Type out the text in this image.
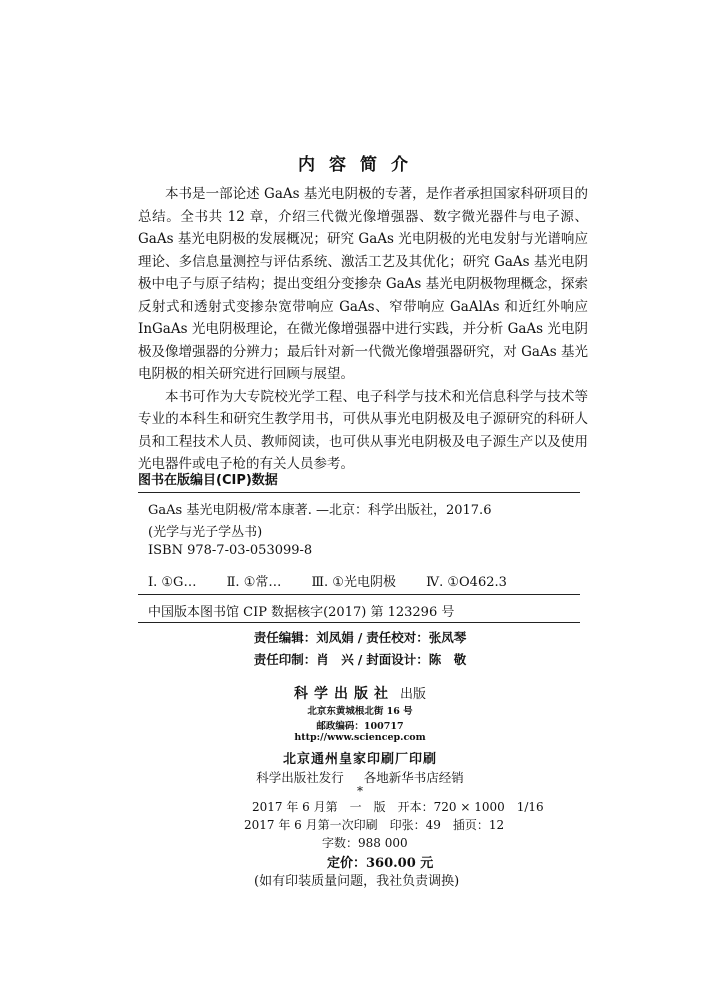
内容简介

本书是一部论述 GaAs 基光电阴极的专著，是作者承担国家科研项目的总结。全书共 12 章，介绍三代微光像增强器、数字微光器件与电子源、GaAs 基光电阴极的发展概况；研究 GaAs 光电阴极的光电发射与光谱响应理论、多信息量测控与评估系统、激活工艺及其优化；研究 GaAs 基光电阴极中电子与原子结构；提出变组分变掺杂 GaAs 基光电阴极物理概念，探索反射式和透射式变掺杂宽带响应 GaAs、窄带响应 GaAlAs 和近红外响应 InGaAs 光电阴极理论，在微光像增强器中进行实践，并分析 GaAs 光电阴极及像增强器的分辨力；最后针对新一代微光像增强器研究，对 GaAs 基光电阴极的相关研究进行回顾与展望。

本书可作为大专院校光学工程、电子科学与技术和光信息科学与技术等专业的本科生和研究生教学用书，可供从事光电阴极及电子源研究的科研人员和工程技术人员、教师阅读，也可供从事光电阴极及电子源生产以及使用光电器件或电子枪的有关人员参考。

图书在版编目(CIP)数据
GaAs 基光电阴极/常本康著. —北京：科学出版社，2017.6
(光学与光子学丛书)
ISBN 978-7-03-053099-8
Ⅰ. ①G… Ⅱ. ①常… Ⅲ. ①光电阴极 Ⅳ. ①O462.3
中国版本图书馆 CIP 数据核字(2017) 第 123296 号
责任编辑：刘凤娟 / 责任校对：张凤琴
责任印制：肖　兴 / 封面设计：陈　敬
科学出版社 出版
北京东黄城根北街 16 号
邮政编码：100717
http://www.sciencep.com
北京通州皇家印刷厂印刷
科学出版社发行 各地新华书店经销
*
2017 年 6 月第　一　版　开本：720 × 1000　1/16
2017 年 6 月第一次印刷　印张：49　插页：12
字数：988 000
定价：360.00 元
(如有印装质量问题，我社负责调换)
